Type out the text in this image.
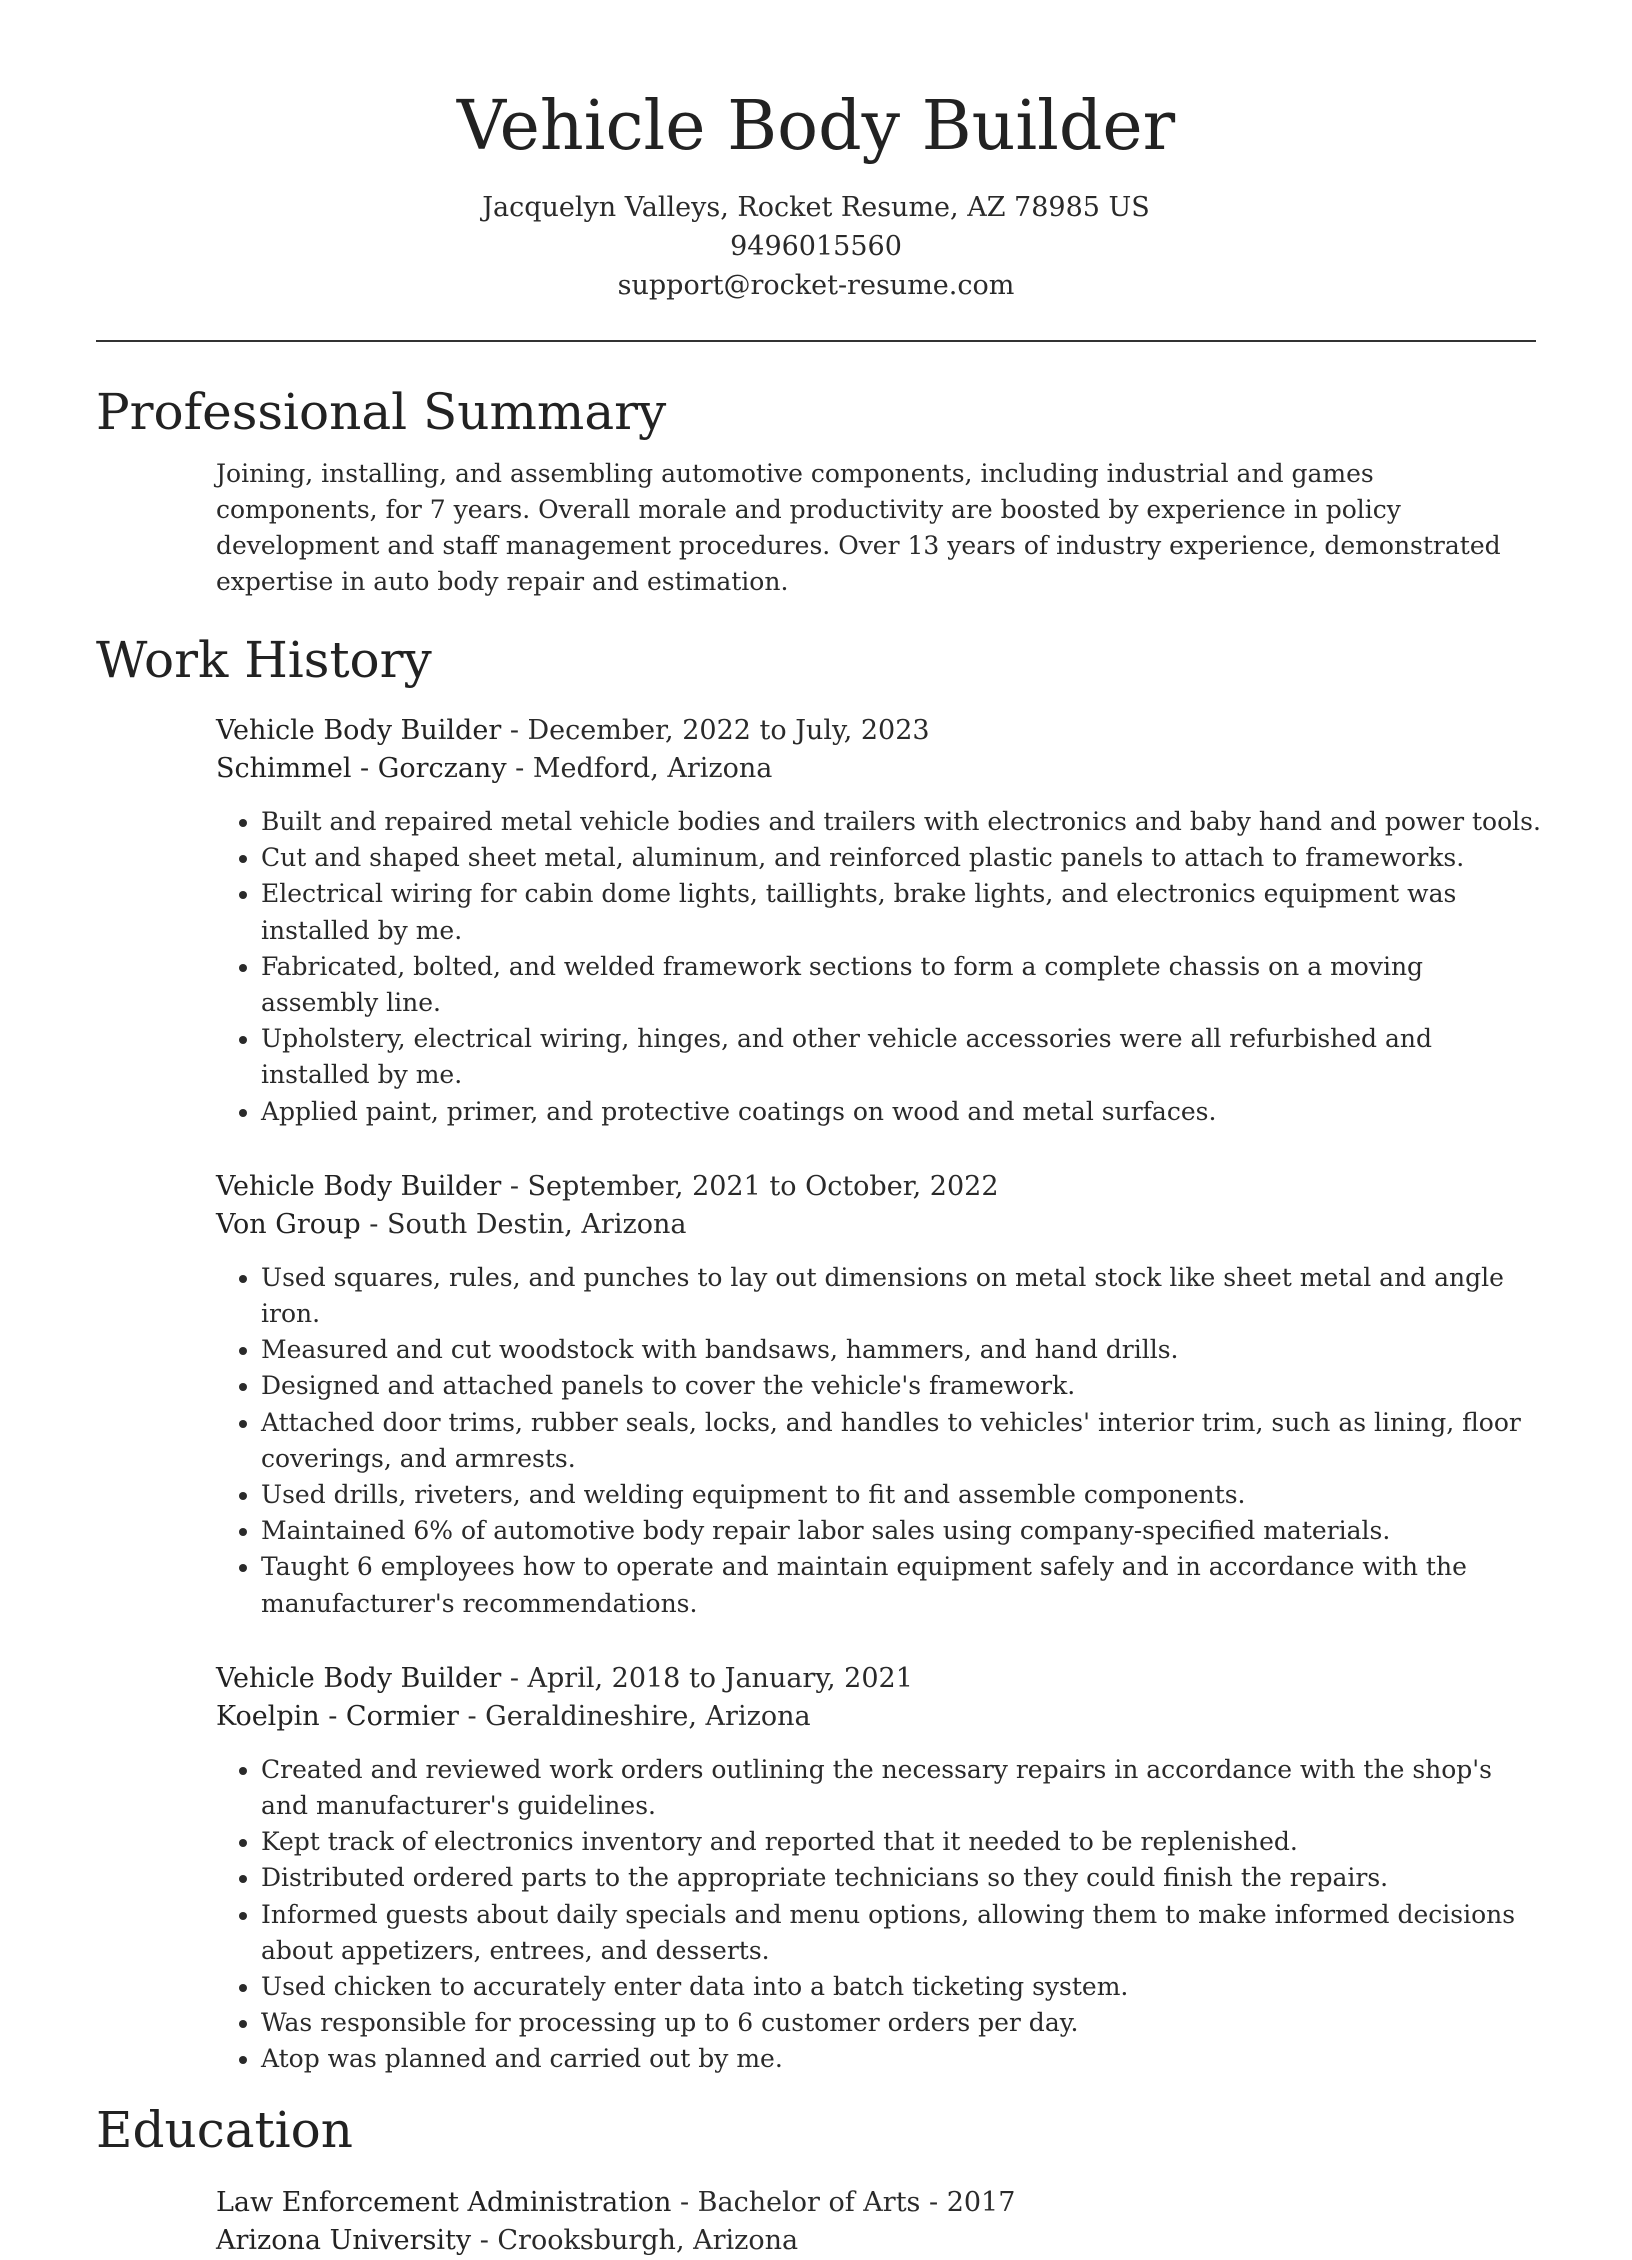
Vehicle Body Builder
Jacquelyn Valleys, Rocket Resume, AZ 78985 US
9496015560
support@rocket-resume.com
Professional Summary
Joining, installing, and assembling automotive components, including industrial and games components, for 7 years. Overall morale and productivity are boosted by experience in policy development and staff management procedures. Over 13 years of industry experience, demonstrated expertise in auto body repair and estimation.
Work History
Vehicle Body Builder - December, 2022 to July, 2023
Schimmel - Gorczany - Medford, Arizona
• Built and repaired metal vehicle bodies and trailers with electronics and baby hand and power tools.
• Cut and shaped sheet metal, aluminum, and reinforced plastic panels to attach to frameworks.
• Electrical wiring for cabin dome lights, taillights, brake lights, and electronics equipment was installed by me.
• Fabricated, bolted, and welded framework sections to form a complete chassis on a moving assembly line.
• Upholstery, electrical wiring, hinges, and other vehicle accessories were all refurbished and installed by me.
• Applied paint, primer, and protective coatings on wood and metal surfaces.
Vehicle Body Builder - September, 2021 to October, 2022
Von Group - South Destin, Arizona
• Used squares, rules, and punches to lay out dimensions on metal stock like sheet metal and angle iron.
• Measured and cut woodstock with bandsaws, hammers, and hand drills.
• Designed and attached panels to cover the vehicle's framework.
• Attached door trims, rubber seals, locks, and handles to vehicles' interior trim, such as lining, floor coverings, and armrests.
• Used drills, riveters, and welding equipment to fit and assemble components.
• Maintained 6% of automotive body repair labor sales using company-specified materials.
• Taught 6 employees how to operate and maintain equipment safely and in accordance with the manufacturer's recommendations.
Vehicle Body Builder - April, 2018 to January, 2021
Koelpin - Cormier - Geraldineshire, Arizona
• Created and reviewed work orders outlining the necessary repairs in accordance with the shop's and manufacturer's guidelines.
• Kept track of electronics inventory and reported that it needed to be replenished.
• Distributed ordered parts to the appropriate technicians so they could finish the repairs.
• Informed guests about daily specials and menu options, allowing them to make informed decisions about appetizers, entrees, and desserts.
• Used chicken to accurately enter data into a batch ticketing system.
• Was responsible for processing up to 6 customer orders per day.
• Atop was planned and carried out by me.
Education
Law Enforcement Administration - Bachelor of Arts - 2017
Arizona University - Crooksburgh, Arizona
